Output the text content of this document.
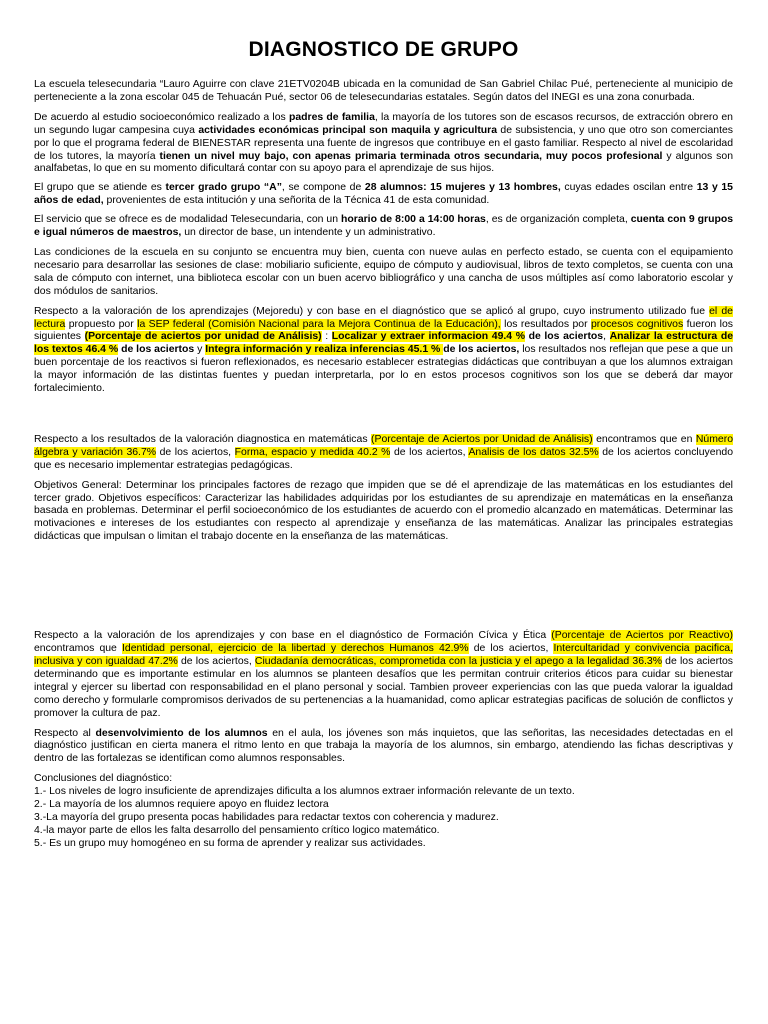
DIAGNOSTICO DE GRUPO

La escuela telesecundaria “Lauro Aguirre con clave 21ETV0204B ubicada en la comunidad de San Gabriel Chilac Pué, perteneciente al municipio de perteneciente a la zona escolar 045 de Tehuacán Pué, sector 06 de telesecundarias estatales. Según datos del INEGI es una zona conurbada.

De acuerdo al estudio socioeconómico realizado a los padres de familia, la mayoría de los tutores son de escasos recursos, de extracción obrero en un segundo lugar campesina cuya actividades económicas principal son maquila y agricultura de subsistencia, y uno que otro son comerciantes por lo que el programa federal de BIENESTAR representa una fuente de ingresos que contribuye en el gasto familiar. Respecto al nivel de escolaridad de los tutores, la mayoría tienen un nivel muy bajo, con apenas primaria terminada otros secundaria, muy pocos profesional y algunos son analfabetas, lo que en su momento dificultará contar con su apoyo para el aprendizaje de sus hijos.

El grupo que se atiende es tercer grado grupo “A”, se compone de 28 alumnos: 15 mujeres y 13 hombres, cuyas edades oscilan entre 13 y 15 años de edad, provenientes de esta intitución y una señorita de la Técnica 41 de esta comunidad.

El servicio que se ofrece es de modalidad Telesecundaria, con un horario de 8:00 a 14:00 horas, es de organización completa, cuenta con 9 grupos e igual números de maestros, un director de base, un intendente y un administrativo.

Las condiciones de la escuela en su conjunto se encuentra muy bien, cuenta con nueve aulas en perfecto estado, se cuenta con el equipamiento necesario para desarrollar las sesiones de clase: mobiliario suficiente, equipo de cómputo y audiovisual, libros de texto completos, se cuenta con una sala de cómputo con internet, una biblioteca escolar con un buen acervo bibliográfico y una cancha de usos múltiples así como laboratorio escolar y dos módulos de sanitarios.

Respecto a la valoración de los aprendizajes (Mejoredu) y con base en el diagnóstico que se aplicó al grupo, cuyo instrumento utilizado fue el de lectura propuesto por la SEP federal (Comisión Nacional para la Mejora Continua de la Educación), los resultados por procesos cognitivos fueron los siguientes (Porcentaje de aciertos por unidad de Análisis) : Localizar y extraer informacion 49.4 % de los aciertos, Analizar la estructura de los textos 46.4 % de los aciertos y Integra información y realiza inferencias 45.1 % de los aciertos, los resultados nos reflejan que pese a que un buen porcentaje de los reactivos si fueron reflexionados, es necesario establecer estrategias didácticas que contribuyan a que los alumnos extraigan la mayor información de las distintas fuentes y puedan interpretarla, por lo en estos procesos cognitivos son los que se deberá dar mayor fortalecimiento.

Respecto a los resultados de la valoración diagnostica en matemáticas (Porcentaje de Aciertos por Unidad de Análisis) encontramos que en Número álgebra y variación 36.7% de los aciertos, Forma, espacio y medida 40.2 % de los aciertos, Analisis de los datos 32.5% de los aciertos concluyendo que es necesario implementar estrategias pedagógicas.

Objetivos General: Determinar los principales factores de rezago que impiden que se dé el aprendizaje de las matemáticas en los estudiantes del tercer grado. Objetivos específicos: Caracterizar las habilidades adquiridas por los estudiantes de su aprendizaje en matemáticas en la enseñanza basada en problemas. Determinar el perfil socioeconómico de los estudiantes de acuerdo con el promedio alcanzado en matemáticas. Determinar las motivaciones e intereses de los estudiantes con respecto al aprendizaje y enseñanza de las matemáticas. Analizar las principales estrategias didácticas que impulsan o limitan el trabajo docente en la enseñanza de las matemáticas.

Respecto a la valoración de los aprendizajes y con base en el diagnóstico de Formación Cívica y Ética (Porcentaje de Aciertos por Reactivo) encontramos que Identidad personal, ejercicio de la libertad y derechos Humanos 42.9% de los aciertos, Intercultaridad y convivencia pacifica, inclusiva y con igualdad 47.2% de los aciertos, Ciudadanía democráticas, comprometida con la justicia y el apego a la legalidad 36.3% de los aciertos determinando que es importante estimular en los alumnos se planteen desafíos que les permitan contruir criterios éticos para cuidar su bienestar integral y ejercer su libertad con responsabilidad en el plano personal y social. Tambien proveer experiencias con las que pueda valorar la igualdad como derecho y formularle compromisos derivados de su pertenencias a la huamanidad, como aplicar estrategias pacificas de solución de conflictos y promover la cultura de paz.

Respecto al desenvolvimiento de los alumnos en el aula, los jóvenes son más inquietos, que las señoritas, las necesidades detectadas en el diagnóstico justifican en cierta manera el ritmo lento en que trabaja la mayoría de los alumnos, sin embargo, atendiendo las fichas descriptivas y dentro de las fortalezas se identifican como alumnos responsables.

Conclusiones del diagnóstico:

1.- Los niveles de logro insuficiente de aprendizajes dificulta a los alumnos extraer información relevante de un texto.

2.- La mayoría de los alumnos requiere apoyo en fluidez lectora

3.-La mayoría del grupo presenta pocas habilidades para redactar textos con coherencia y madurez.

4.-la mayor parte de ellos les falta desarrollo del pensamiento crítico logico matemático.

5.- Es un grupo muy homogéneo en su forma de aprender y realizar sus actividades.
